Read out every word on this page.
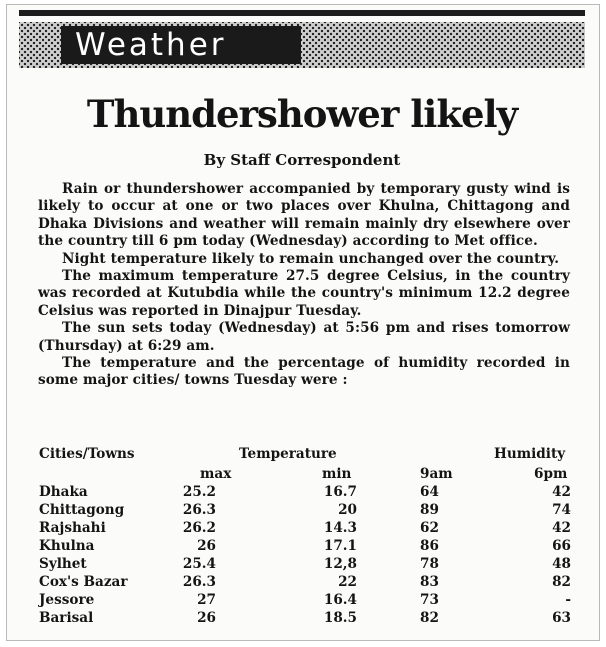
Weather
Thundershower likely
By Staff Correspondent

Rain or thundershower accompanied by temporary gusty wind is likely to occur at one or two places over Khulna, Chittagong and Dhaka Divisions and weather will remain mainly dry elsewhere over the country till 6 pm today (Wednesday) according to Met office.

Night temperature likely to remain unchanged over the country.

The maximum temperature 27.5 degree Celsius, in the country was recorded at Kutubdia while the country's minimum 12.2 degree Celsius was reported in Dinajpur Tuesday.

The sun sets today (Wednesday) at 5:56 pm and rises tomorrow (Thursday) at 6:29 am.

The temperature and the percentage of humidity recorded in some major cities/ towns Tuesday were :

Cities/Towns	Temperature	Humidity
max	min	9am	6pm
Dhaka	25.2	16.7	64	42
Chittagong	26.3	20	89	74
Rajshahi	26.2	14.3	62	42
Khulna	26	17.1	86	66
Sylhet	25.4	12,8	78	48
Cox's Bazar	26.3	22	83	82
Jessore	27	16.4	73	-
Barisal	26	18.5	82	63
